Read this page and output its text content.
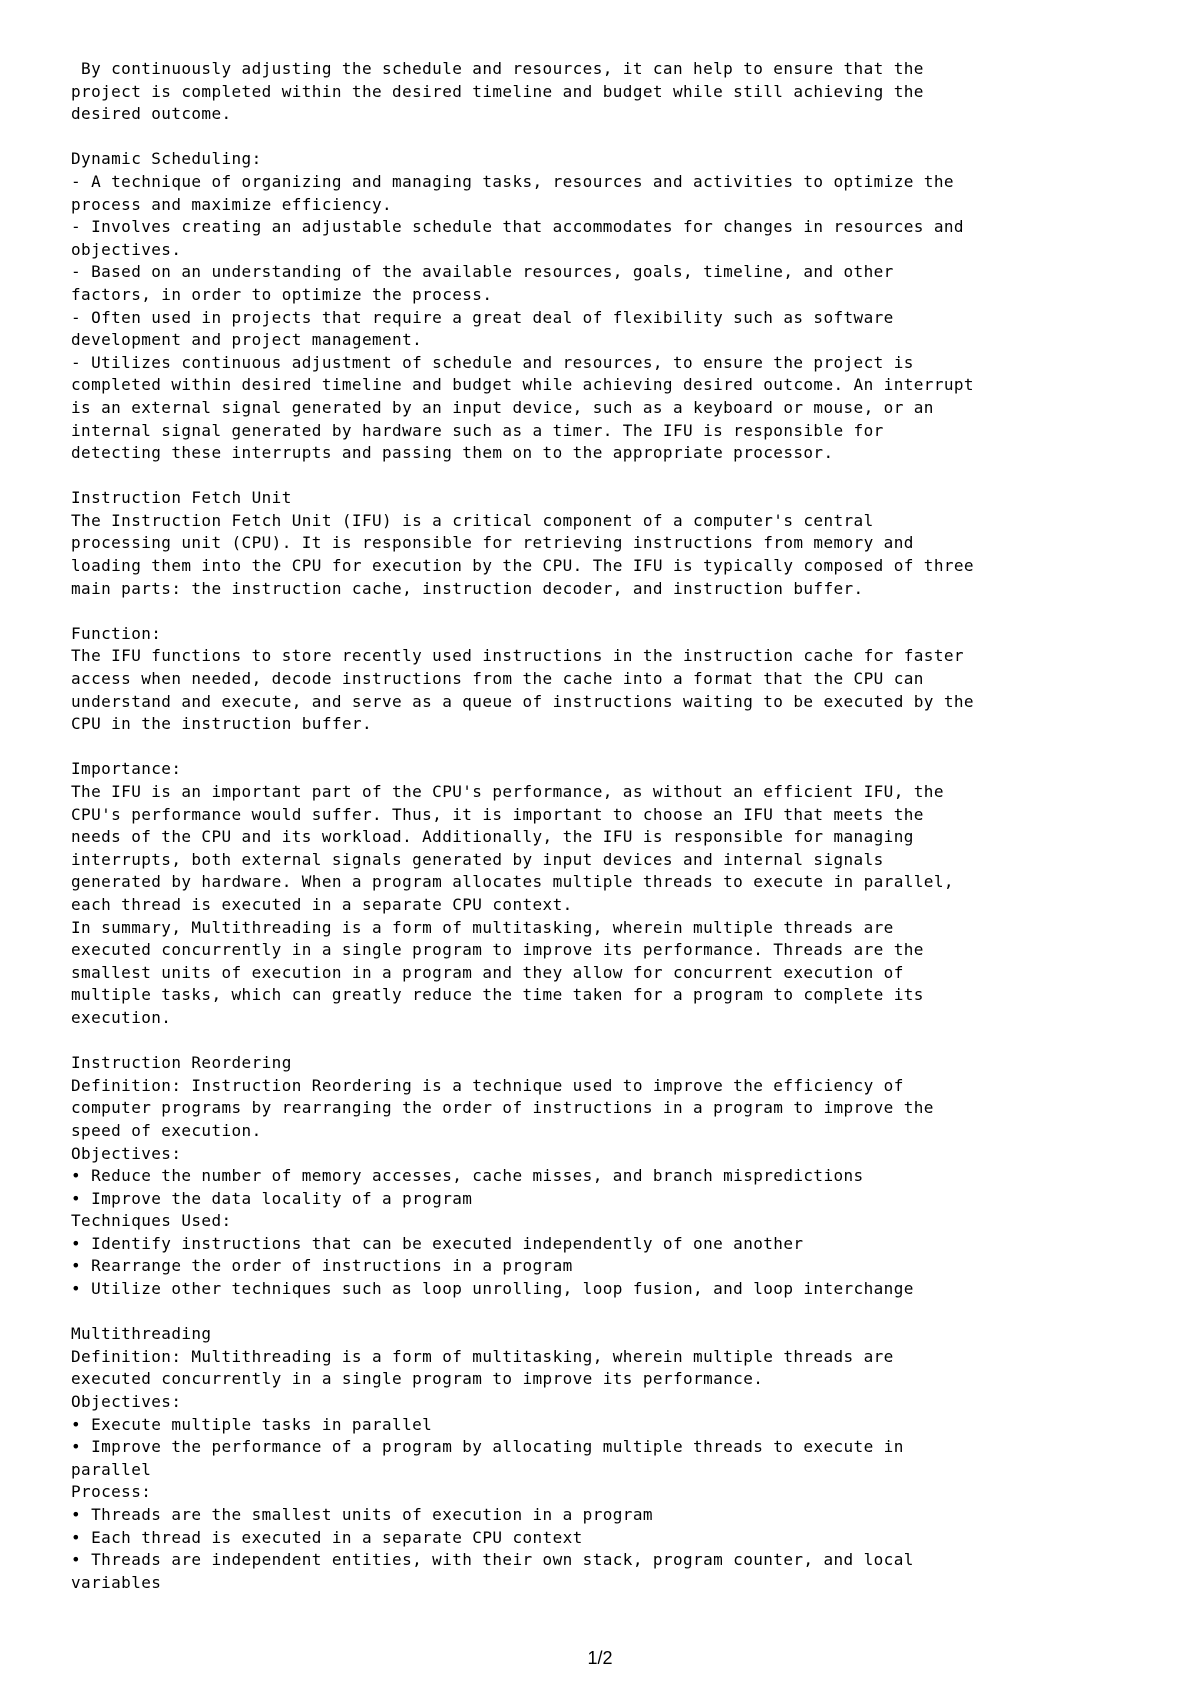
By continuously adjusting the schedule and resources, it can help to ensure that the
project is completed within the desired timeline and budget while still achieving the
desired outcome.
Dynamic Scheduling:
- A technique of organizing and managing tasks, resources and activities to optimize the
process and maximize efficiency.
- Involves creating an adjustable schedule that accommodates for changes in resources and
objectives.
- Based on an understanding of the available resources, goals, timeline, and other
factors, in order to optimize the process.
- Often used in projects that require a great deal of flexibility such as software
development and project management.
- Utilizes continuous adjustment of schedule and resources, to ensure the project is
completed within desired timeline and budget while achieving desired outcome. An interrupt
is an external signal generated by an input device, such as a keyboard or mouse, or an
internal signal generated by hardware such as a timer. The IFU is responsible for
detecting these interrupts and passing them on to the appropriate processor.
Instruction Fetch Unit
The Instruction Fetch Unit (IFU) is a critical component of a computer's central
processing unit (CPU). It is responsible for retrieving instructions from memory and
loading them into the CPU for execution by the CPU. The IFU is typically composed of three
main parts: the instruction cache, instruction decoder, and instruction buffer.
Function:
The IFU functions to store recently used instructions in the instruction cache for faster
access when needed, decode instructions from the cache into a format that the CPU can
understand and execute, and serve as a queue of instructions waiting to be executed by the
CPU in the instruction buffer.
Importance:
The IFU is an important part of the CPU's performance, as without an efficient IFU, the
CPU's performance would suffer. Thus, it is important to choose an IFU that meets the
needs of the CPU and its workload. Additionally, the IFU is responsible for managing
interrupts, both external signals generated by input devices and internal signals
generated by hardware. When a program allocates multiple threads to execute in parallel,
each thread is executed in a separate CPU context.
In summary, Multithreading is a form of multitasking, wherein multiple threads are
executed concurrently in a single program to improve its performance. Threads are the
smallest units of execution in a program and they allow for concurrent execution of
multiple tasks, which can greatly reduce the time taken for a program to complete its
execution.
Instruction Reordering
Definition: Instruction Reordering is a technique used to improve the efficiency of
computer programs by rearranging the order of instructions in a program to improve the
speed of execution.
Objectives:
• Reduce the number of memory accesses, cache misses, and branch mispredictions
• Improve the data locality of a program
Techniques Used:
• Identify instructions that can be executed independently of one another
• Rearrange the order of instructions in a program
• Utilize other techniques such as loop unrolling, loop fusion, and loop interchange
Multithreading
Definition: Multithreading is a form of multitasking, wherein multiple threads are
executed concurrently in a single program to improve its performance.
Objectives:
• Execute multiple tasks in parallel
• Improve the performance of a program by allocating multiple threads to execute in
parallel
Process:
• Threads are the smallest units of execution in a program
• Each thread is executed in a separate CPU context
• Threads are independent entities, with their own stack, program counter, and local
variables
1/2
